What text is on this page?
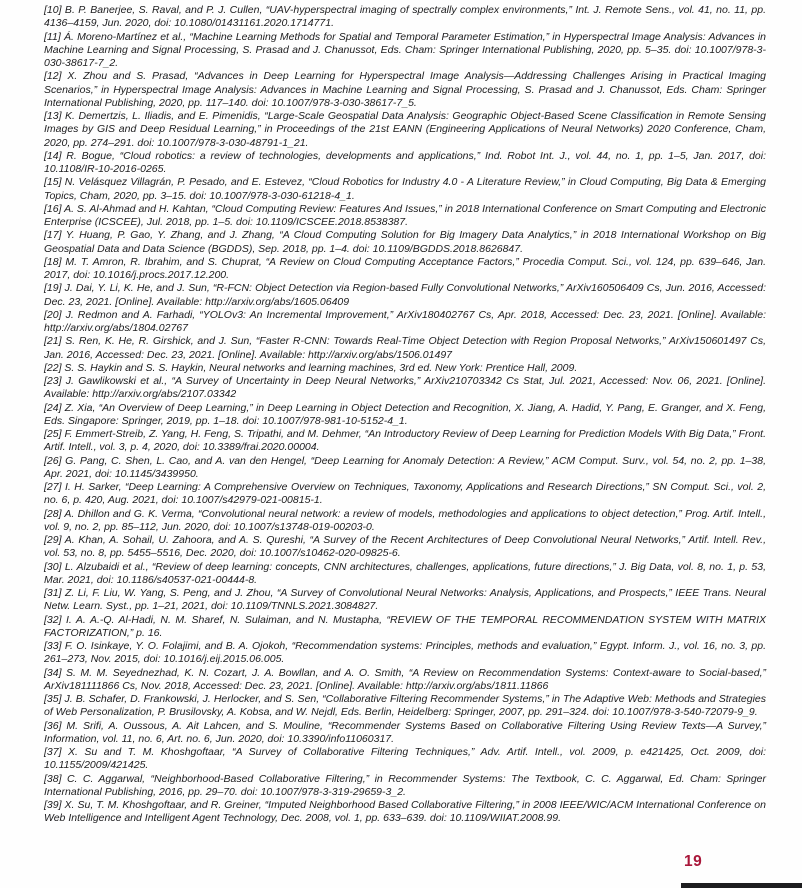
[10] B. P. Banerjee, S. Raval, and P. J. Cullen, “UAV-hyperspectral imaging of spectrally complex environments,” Int. J. Remote Sens., vol. 41, no. 11, pp. 4136–4159, Jun. 2020, doi: 10.1080/01431161.2020.1714771.

[11] Á. Moreno-Martínez et al., “Machine Learning Methods for Spatial and Temporal Parameter Estimation,” in Hyperspectral Image Analysis: Advances in Machine Learning and Signal Processing, S. Prasad and J. Chanussot, Eds. Cham: Springer International Publishing, 2020, pp. 5–35. doi: 10.1007/978-3-030-38617-7_2.

[12] X. Zhou and S. Prasad, “Advances in Deep Learning for Hyperspectral Image Analysis—Addressing Challenges Arising in Practical Imaging Scenarios,” in Hyperspectral Image Analysis: Advances in Machine Learning and Signal Processing, S. Prasad and J. Chanussot, Eds. Cham: Springer International Publishing, 2020, pp. 117–140. doi: 10.1007/978-3-030-38617-7_5.

[13] K. Demertzis, L. Iliadis, and E. Pimenidis, “Large-Scale Geospatial Data Analysis: Geographic Object-Based Scene Classification in Remote Sensing Images by GIS and Deep Residual Learning,” in Proceedings of the 21st EANN (Engineering Applications of Neural Networks) 2020 Conference, Cham, 2020, pp. 274–291. doi: 10.1007/978-3-030-48791-1_21.

[14] R. Bogue, “Cloud robotics: a review of technologies, developments and applications,” Ind. Robot Int. J., vol. 44, no. 1, pp. 1–5, Jan. 2017, doi: 10.1108/IR-10-2016-0265.

[15] N. Velásquez Villagrán, P. Pesado, and E. Estevez, “Cloud Robotics for Industry 4.0 - A Literature Review,” in Cloud Computing, Big Data & Emerging Topics, Cham, 2020, pp. 3–15. doi: 10.1007/978-3-030-61218-4_1.

[16] A. S. Al-Ahmad and H. Kahtan, “Cloud Computing Review: Features And Issues,” in 2018 International Conference on Smart Computing and Electronic Enterprise (ICSCEE), Jul. 2018, pp. 1–5. doi: 10.1109/ICSCEE.2018.8538387.

[17] Y. Huang, P. Gao, Y. Zhang, and J. Zhang, “A Cloud Computing Solution for Big Imagery Data Analytics,” in 2018 International Workshop on Big Geospatial Data and Data Science (BGDDS), Sep. 2018, pp. 1–4. doi: 10.1109/BGDDS.2018.8626847.

[18] M. T. Amron, R. Ibrahim, and S. Chuprat, “A Review on Cloud Computing Acceptance Factors,” Procedia Comput. Sci., vol. 124, pp. 639–646, Jan. 2017, doi: 10.1016/j.procs.2017.12.200.

[19] J. Dai, Y. Li, K. He, and J. Sun, “R-FCN: Object Detection via Region-based Fully Convolutional Networks,” ArXiv160506409 Cs, Jun. 2016, Accessed: Dec. 23, 2021. [Online]. Available: http://arxiv.org/abs/1605.06409

[20] J. Redmon and A. Farhadi, “YOLOv3: An Incremental Improvement,” ArXiv180402767 Cs, Apr. 2018, Accessed: Dec. 23, 2021. [Online]. Available: http://arxiv.org/abs/1804.02767

[21] S. Ren, K. He, R. Girshick, and J. Sun, “Faster R-CNN: Towards Real-Time Object Detection with Region Proposal Networks,” ArXiv150601497 Cs, Jan. 2016, Accessed: Dec. 23, 2021. [Online]. Available: http://arxiv.org/abs/1506.01497

[22] S. S. Haykin and S. S. Haykin, Neural networks and learning machines, 3rd ed. New York: Prentice Hall, 2009.

[23] J. Gawlikowski et al., “A Survey of Uncertainty in Deep Neural Networks,” ArXiv210703342 Cs Stat, Jul. 2021, Accessed: Nov. 06, 2021. [Online]. Available: http://arxiv.org/abs/2107.03342

[24] Z. Xia, “An Overview of Deep Learning,” in Deep Learning in Object Detection and Recognition, X. Jiang, A. Hadid, Y. Pang, E. Granger, and X. Feng, Eds. Singapore: Springer, 2019, pp. 1–18. doi: 10.1007/978-981-10-5152-4_1.

[25] F. Emmert-Streib, Z. Yang, H. Feng, S. Tripathi, and M. Dehmer, “An Introductory Review of Deep Learning for Prediction Models With Big Data,” Front. Artif. Intell., vol. 3, p. 4, 2020, doi: 10.3389/frai.2020.00004.

[26] G. Pang, C. Shen, L. Cao, and A. van den Hengel, “Deep Learning for Anomaly Detection: A Review,” ACM Comput. Surv., vol. 54, no. 2, pp. 1–38, Apr. 2021, doi: 10.1145/3439950.

[27] I. H. Sarker, “Deep Learning: A Comprehensive Overview on Techniques, Taxonomy, Applications and Research Directions,” SN Comput. Sci., vol. 2, no. 6, p. 420, Aug. 2021, doi: 10.1007/s42979-021-00815-1.

[28] A. Dhillon and G. K. Verma, “Convolutional neural network: a review of models, methodologies and applications to object detection,” Prog. Artif. Intell., vol. 9, no. 2, pp. 85–112, Jun. 2020, doi: 10.1007/s13748-019-00203-0.

[29] A. Khan, A. Sohail, U. Zahoora, and A. S. Qureshi, “A Survey of the Recent Architectures of Deep Convolutional Neural Networks,” Artif. Intell. Rev., vol. 53, no. 8, pp. 5455–5516, Dec. 2020, doi: 10.1007/s10462-020-09825-6.

[30] L. Alzubaidi et al., “Review of deep learning: concepts, CNN architectures, challenges, applications, future directions,” J. Big Data, vol. 8, no. 1, p. 53, Mar. 2021, doi: 10.1186/s40537-021-00444-8.

[31] Z. Li, F. Liu, W. Yang, S. Peng, and J. Zhou, “A Survey of Convolutional Neural Networks: Analysis, Applications, and Prospects,” IEEE Trans. Neural Netw. Learn. Syst., pp. 1–21, 2021, doi: 10.1109/TNNLS.2021.3084827.

[32] I. A. A.-Q. Al-Hadi, N. M. Sharef, N. Sulaiman, and N. Mustapha, “REVIEW OF THE TEMPORAL RECOMMENDATION SYSTEM WITH MATRIX FACTORIZATION,” p. 16.

[33] F. O. Isinkaye, Y. O. Folajimi, and B. A. Ojokoh, “Recommendation systems: Principles, methods and evaluation,” Egypt. Inform. J., vol. 16, no. 3, pp. 261–273, Nov. 2015, doi: 10.1016/j.eij.2015.06.005.

[34] S. M. M. Seyednezhad, K. N. Cozart, J. A. Bowllan, and A. O. Smith, “A Review on Recommendation Systems: Context-aware to Social-based,” ArXiv181111866 Cs, Nov. 2018, Accessed: Dec. 23, 2021. [Online]. Available: http://arxiv.org/abs/1811.11866

[35] J. B. Schafer, D. Frankowski, J. Herlocker, and S. Sen, “Collaborative Filtering Recommender Systems,” in The Adaptive Web: Methods and Strategies of Web Personalization, P. Brusilovsky, A. Kobsa, and W. Nejdl, Eds. Berlin, Heidelberg: Springer, 2007, pp. 291–324. doi: 10.1007/978-3-540-72079-9_9.

[36] M. Srifi, A. Oussous, A. Ait Lahcen, and S. Mouline, “Recommender Systems Based on Collaborative Filtering Using Review Texts—A Survey,” Information, vol. 11, no. 6, Art. no. 6, Jun. 2020, doi: 10.3390/info11060317.

[37] X. Su and T. M. Khoshgoftaar, “A Survey of Collaborative Filtering Techniques,” Adv. Artif. Intell., vol. 2009, p. e421425, Oct. 2009, doi: 10.1155/2009/421425.

[38] C. C. Aggarwal, “Neighborhood-Based Collaborative Filtering,” in Recommender Systems: The Textbook, C. C. Aggarwal, Ed. Cham: Springer International Publishing, 2016, pp. 29–70. doi: 10.1007/978-3-319-29659-3_2.

[39] X. Su, T. M. Khoshgoftaar, and R. Greiner, “Imputed Neighborhood Based Collaborative Filtering,” in 2008 IEEE/WIC/ACM International Conference on Web Intelligence and Intelligent Agent Technology, Dec. 2008, vol. 1, pp. 633–639. doi: 10.1109/WIIAT.2008.99.

19
